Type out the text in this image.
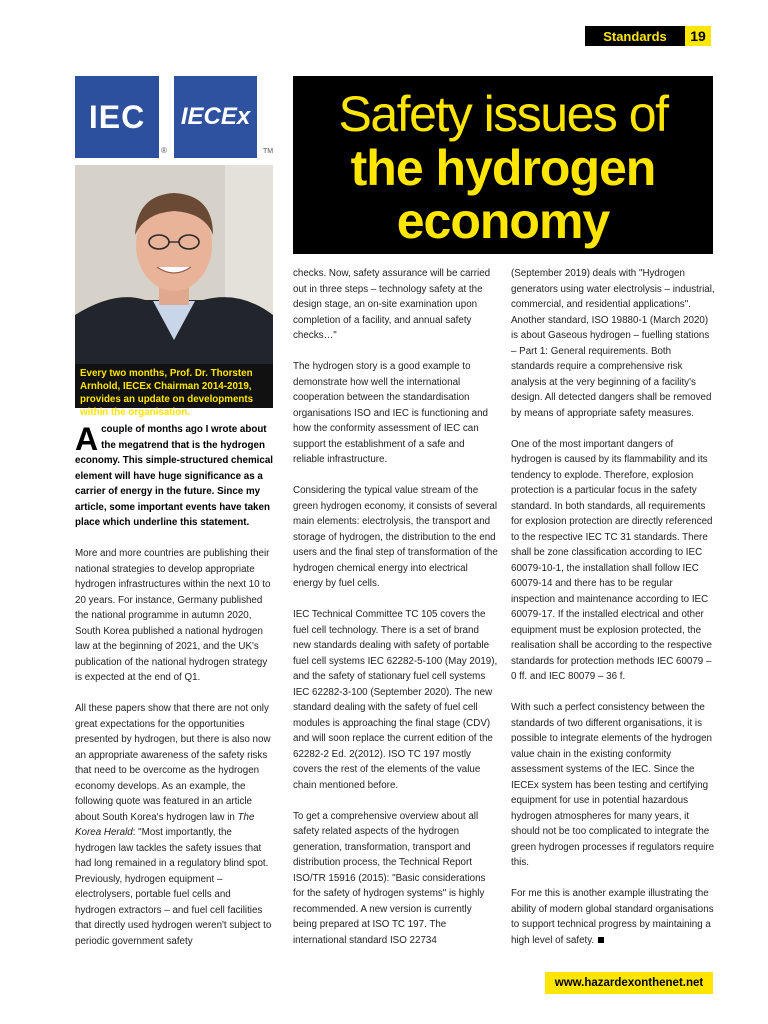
Standards	19
IEC
®
IECEx
TM
Every two months, Prof. Dr. Thorsten Arnhold, IECEx Chairman 2014-2019, provides an update on developments within the organisation.
Safety issues of
the hydrogen
economy

Acouple of months ago I wrote about the megatrend that is the hydrogen economy. This simple-structured chemical element will have huge significance as a carrier of energy in the future. Since my article, some important events have taken place which underline this statement.

More and more countries are publishing their national strategies to develop appropriate hydrogen infrastructures within the next 10 to 20 years. For instance, Germany published the national programme in autumn 2020, South Korea published a national hydrogen law at the beginning of 2021, and the UK's publication of the national hydrogen strategy is expected at the end of Q1.

All these papers show that there are not only great expectations for the opportunities presented by hydrogen, but there is also now an appropriate awareness of the safety risks that need to be overcome as the hydrogen economy develops. As an example, the following quote was featured in an article about South Korea's hydrogen law in The Korea Herald: "Most importantly, the hydrogen law tackles the safety issues that had long remained in a regulatory blind spot. Previously, hydrogen equipment – electrolysers, portable fuel cells and hydrogen extractors – and fuel cell facilities that directly used hydrogen weren't subject to periodic government safety

checks. Now, safety assurance will be carried out in three steps – technology safety at the design stage, an on-site examination upon completion of a facility, and annual safety checks…"

The hydrogen story is a good example to demonstrate how well the international cooperation between the standardisation organisations ISO and IEC is functioning and how the conformity assessment of IEC can support the establishment of a safe and reliable infrastructure.

Considering the typical value stream of the green hydrogen economy, it consists of several main elements: electrolysis, the transport and storage of hydrogen, the distribution to the end users and the final step of transformation of the hydrogen chemical energy into electrical energy by fuel cells.

IEC Technical Committee TC 105 covers the fuel cell technology. There is a set of brand new standards dealing with safety of portable fuel cell systems IEC 62282-5-100 (May 2019), and the safety of stationary fuel cell systems IEC 62282-3-100 (September 2020). The new standard dealing with the safety of fuel cell modules is approaching the final stage (CDV) and will soon replace the current edition of the 62282-2 Ed. 2(2012). ISO TC 197 mostly covers the rest of the elements of the value chain mentioned before.

To get a comprehensive overview about all safety related aspects of the hydrogen generation, transformation, transport and distribution process, the Technical Report ISO/TR 15916 (2015): "Basic considerations for the safety of hydrogen systems" is highly recommended. A new version is currently being prepared at ISO TC 197. The international standard ISO 22734

(September 2019) deals with "Hydrogen generators using water electrolysis – industrial, commercial, and residential applications". Another standard, ISO 19880-1 (March 2020) is about Gaseous hydrogen – fuelling stations – Part 1: General requirements. Both standards require a comprehensive risk analysis at the very beginning of a facility's design. All detected dangers shall be removed by means of appropriate safety measures.

One of the most important dangers of hydrogen is caused by its flammability and its tendency to explode. Therefore, explosion protection is a particular focus in the safety standard. In both standards, all requirements for explosion protection are directly referenced to the respective IEC TC 31 standards. There shall be zone classification according to IEC 60079-10-1, the installation shall follow IEC 60079-14 and there has to be regular inspection and maintenance according to IEC 60079-17. If the installed electrical and other equipment must be explosion protected, the realisation shall be according to the respective standards for protection methods IEC 60079 – 0 ff. and IEC 80079 – 36 f.

With such a perfect consistency between the standards of two different organisations, it is possible to integrate elements of the hydrogen value chain in the existing conformity assessment systems of the IEC. Since the IECEx system has been testing and certifying equipment for use in potential hazardous hydrogen atmospheres for many years, it should not be too complicated to integrate the green hydrogen processes if regulators require this.

For me this is another example illustrating the ability of modern global standard organisations to support technical progress by maintaining a high level of safety.

www.hazardexonthenet.net
